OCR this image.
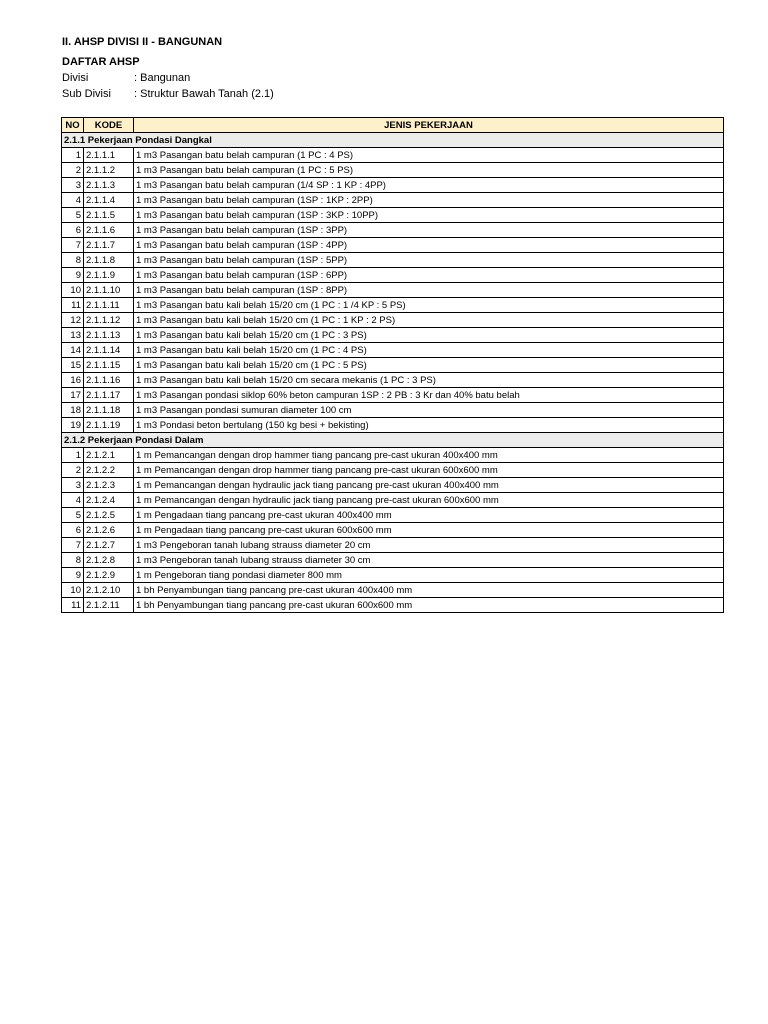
II. AHSP DIVISI II - BANGUNAN
DAFTAR AHSP
Divisi	: Bangunan
Sub Divisi : Struktur Bawah Tanah (2.1)
NO	KODE	JENIS PEKERJAAN
2.1.1 Pekerjaan Pondasi Dangkal		
1	2.1.1.1	1 m3 Pasangan batu belah campuran (1 PC : 4 PS)
2	2.1.1.2	1 m3 Pasangan batu belah campuran (1 PC : 5 PS)
3	2.1.1.3	1 m3 Pasangan batu belah campuran (1/4 SP : 1 KP : 4PP)
4	2.1.1.4	1 m3 Pasangan batu belah campuran (1SP : 1KP : 2PP)
5	2.1.1.5	1 m3 Pasangan batu belah campuran (1SP : 3KP : 10PP)
6	2.1.1.6	1 m3 Pasangan batu belah campuran (1SP : 3PP)
7	2.1.1.7	1 m3 Pasangan batu belah campuran (1SP : 4PP)
8	2.1.1.8	1 m3 Pasangan batu belah campuran (1SP : 5PP)
9	2.1.1.9	1 m3 Pasangan batu belah campuran (1SP : 6PP)
10	2.1.1.10	1 m3 Pasangan batu belah campuran (1SP : 8PP)
11	2.1.1.11	1 m3 Pasangan batu kali belah 15/20 cm (1 PC : 1 /4 KP : 5 PS)
12	2.1.1.12	1 m3 Pasangan batu kali belah 15/20 cm (1 PC : 1 KP : 2 PS)
13	2.1.1.13	1 m3 Pasangan batu kali belah 15/20 cm (1 PC : 3 PS)
14	2.1.1.14	1 m3 Pasangan batu kali belah 15/20 cm (1 PC : 4 PS)
15	2.1.1.15	1 m3 Pasangan batu kali belah 15/20 cm (1 PC : 5 PS)
16	2.1.1.16	1 m3 Pasangan batu kali belah 15/20 cm secara mekanis (1 PC : 3 PS)
17	2.1.1.17	1 m3 Pasangan pondasi siklop 60% beton campuran 1SP : 2 PB : 3 Kr dan 40% batu belah
18	2.1.1.18	1 m3 Pasangan pondasi sumuran diameter 100 cm
19	2.1.1.19	1 m3 Pondasi beton bertulang (150 kg besi + bekisting)
2.1.2 Pekerjaan Pondasi Dalam		
1	2.1.2.1	1 m Pemancangan dengan drop hammer tiang pancang pre-cast ukuran 400x400 mm
2	2.1.2.2	1 m Pemancangan dengan drop hammer tiang pancang pre-cast ukuran 600x600 mm
3	2.1.2.3	1 m Pemancangan dengan hydraulic jack tiang pancang pre-cast ukuran 400x400 mm
4	2.1.2.4	1 m Pemancangan dengan hydraulic jack tiang pancang pre-cast ukuran 600x600 mm
5	2.1.2.5	1 m Pengadaan tiang pancang pre-cast ukuran 400x400 mm
6	2.1.2.6	1 m Pengadaan tiang pancang pre-cast ukuran 600x600 mm
7	2.1.2.7	1 m3 Pengeboran tanah lubang strauss diameter 20 cm
8	2.1.2.8	1 m3 Pengeboran tanah lubang strauss diameter 30 cm
9	2.1.2.9	1 m Pengeboran tiang pondasi diameter 800 mm
10	2.1.2.10	1 bh Penyambungan tiang pancang pre-cast ukuran 400x400 mm
11	2.1.2.11	1 bh Penyambungan tiang pancang pre-cast ukuran 600x600 mm
